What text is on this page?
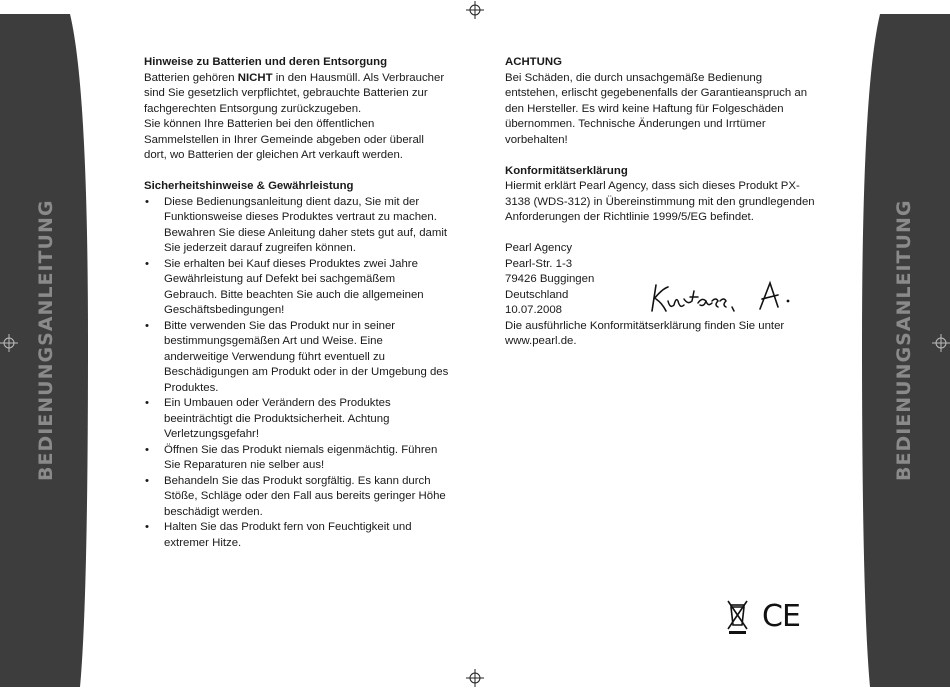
BEDIENUNGSANLEITUNG	BEDIENUNGSANLEITUNG

Hinweise zu Batterien und deren Entsorgung

Batterien gehören NICHT in den Hausmüll. Als Verbraucher sind Sie gesetzlich verpflichtet, gebrauchte Batterien zur fachgerechten Entsorgung zurückzugeben.

Sie können Ihre Batterien bei den öffentlichen Sammelstellen in Ihrer Gemeinde abgeben oder überall dort, wo Batterien der gleichen Art verkauft werden.

Sicherheitshinweise & Gewährleistung

•	Diese Bedienungsanleitung dient dazu, Sie mit der Funktionsweise dieses Produktes vertraut zu machen. Bewahren Sie diese Anleitung daher stets gut auf, damit Sie jederzeit darauf zugreifen können.
•	Sie erhalten bei Kauf dieses Produktes zwei Jahre Gewährleistung auf Defekt bei sachgemäßem Gebrauch. Bitte beachten Sie auch die allgemeinen Geschäftsbedingungen!
•	Bitte verwenden Sie das Produkt nur in seiner bestimmungsgemäßen Art und Weise. Eine anderweitige Verwendung führt eventuell zu Beschädigungen am Produkt oder in der Umgebung des Produktes.
•	Ein Umbauen oder Verändern des Produktes beeinträchtigt die Produktsicherheit. Achtung Verletzungsgefahr!
•	Öffnen Sie das Produkt niemals eigenmächtig. Führen Sie Reparaturen nie selber aus!
•	Behandeln Sie das Produkt sorgfältig. Es kann durch Stöße, Schläge oder den Fall aus bereits geringer Höhe beschädigt werden.
•	Halten Sie das Produkt fern von Feuchtigkeit und extremer Hitze.

ACHTUNG

Bei Schäden, die durch unsachgemäße Bedienung entstehen, erlischt gegebenenfalls der Garantieanspruch an den Hersteller. Es wird keine Haftung für Folgeschäden übernommen. Technische Änderungen und Irrtümer vorbehalten!

Konformitätserklärung

Hiermit erklärt Pearl Agency, dass sich dieses Produkt PX-3138 (WDS-312) in Übereinstimmung mit den grundlegenden Anforderungen der Richtlinie 1999/5/EG befindet.

Pearl Agency

Pearl-Str. 1-3

79426 Buggingen

Deutschland

10.07.2008

Die ausführliche Konformitätserklärung finden Sie unter www.pearl.de.

CE
